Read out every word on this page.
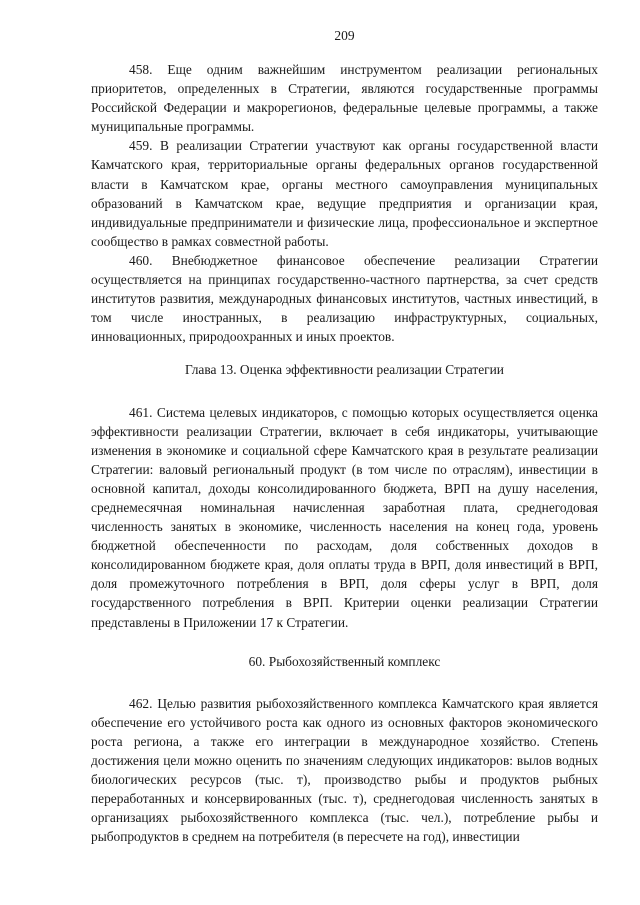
209

458. Еще одним важнейшим инструментом реализации региональных приоритетов, определенных в Стратегии, являются государственные программы Российской Федерации и макрорегионов, федеральные целевые программы, а также муниципальные программы.

459. В реализации Стратегии участвуют как органы государственной власти Камчатского края, территориальные органы федеральных органов государственной власти в Камчатском крае, органы местного самоуправления муниципальных образований в Камчатском крае, ведущие предприятия и организации края, индивидуальные предприниматели и физические лица, профессиональное и экспертное сообщество в рамках совместной работы.

460. Внебюджетное финансовое обеспечение реализации Стратегии осуществляется на принципах государственно-частного партнерства, за счет средств институтов развития, международных финансовых институтов, частных инвестиций, в том числе иностранных, в реализацию инфраструктурных, социальных, инновационных, природоохранных и иных проектов.

Глава 13. Оценка эффективности реализации Стратегии

461. Система целевых индикаторов, с помощью которых осуществляется оценка эффективности реализации Стратегии, включает в себя индикаторы, учитывающие изменения в экономике и социальной сфере Камчатского края в результате реализации Стратегии: валовый региональный продукт (в том числе по отраслям), инвестиции в основной капитал, доходы консолидированного бюджета, ВРП на душу населения, среднемесячная номинальная начисленная заработная плата, среднегодовая численность занятых в экономике, численность населения на конец года, уровень бюджетной обеспеченности по расходам, доля собственных доходов в консолидированном бюджете края, доля оплаты труда в ВРП, доля инвестиций в ВРП, доля промежуточного потребления в ВРП, доля сферы услуг в ВРП, доля государственного потребления в ВРП. Критерии оценки реализации Стратегии представлены в Приложении 17 к Стратегии.

60. Рыбохозяйственный комплекс

462. Целью развития рыбохозяйственного комплекса Камчатского края является обеспечение его устойчивого роста как одного из основных факторов экономического роста региона, а также его интеграции в международное хозяйство. Степень достижения цели можно оценить по значениям следующих индикаторов: вылов водных биологических ресурсов (тыс. т), производство рыбы и продуктов рыбных переработанных и консервированных (тыс. т), среднегодовая численность занятых в организациях рыбохозяйственного комплекса (тыс. чел.), потребление рыбы и рыбопродуктов в среднем на потребителя (в пересчете на год), инвестиции
